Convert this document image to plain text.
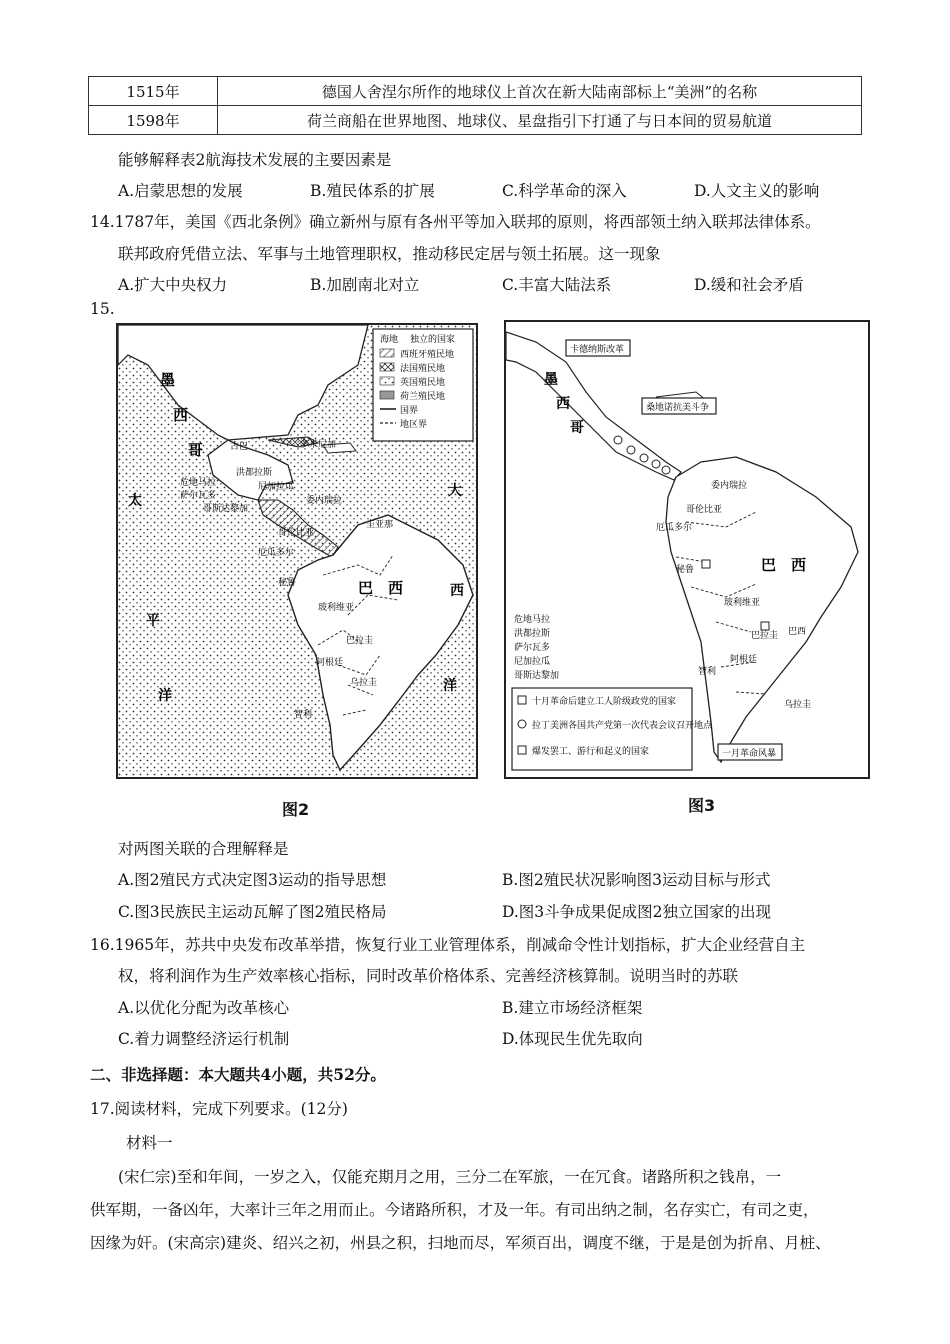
1515年	德国人舍涅尔所作的地球仪上首次在新大陆南部标上“美洲”的名称
1598年	荷兰商船在世界地图、地球仪、星盘指引下打通了与日本间的贸易航道
能够解释表2航海技术发展的主要因素是
A.启蒙思想的发展	B.殖民体系的扩展	C.科学革命的深入	D.人文主义的影响
14.1787年，美国《西北条例》确立新州与原有各州平等加入联邦的原则，将西部领土纳入联邦法律体系。
联邦政府凭借立法、军事与土地管理职权，推动移民定居与领土拓展。这一现象
A.扩大中央权力	B.加剧南北对立	C.丰富大陆法系	D.缓和社会矛盾
15.
海地 独立的国家
西班牙殖民地
法国殖民地
英国殖民地
荷兰殖民地
国界
地区界
墨
西
哥
巴　西
太
平
洋
大
西
洋
危地马拉
萨尔瓦多
哥斯达黎加
洪都拉斯
尼加拉瓜
古巴	多米尼加
委内瑞拉
哥伦比亚
厄瓜多尔
秘鲁
玻利维亚
巴拉圭
乌拉圭
阿根廷
智利
圭亚那
图2
卡德纳斯改革
桑地诺抗美斗争
一月革命风暴
墨
西
哥
巴　西
委内瑞拉
哥伦比亚
厄瓜多尔
秘鲁
玻利维亚
巴拉圭
智利
阿根廷
巴西
乌拉圭
危地马拉
洪都拉斯
萨尔瓦多
尼加拉瓜
哥斯达黎加
十月革命后建立工人阶级政党的国家
拉丁美洲各国共产党第一次代表会议召开地点
爆发罢工、游行和起义的国家
图3
对两图关联的合理解释是
A.图2殖民方式决定图3运动的指导思想	B.图2殖民状况影响图3运动目标与形式
C.图3民族民主运动瓦解了图2殖民格局	D.图3斗争成果促成图2独立国家的出现
16.1965年，苏共中央发布改革举措，恢复行业工业管理体系，削减命令性计划指标，扩大企业经营自主
权，将利润作为生产效率核心指标，同时改革价格体系、完善经济核算制。说明当时的苏联
A.以优化分配为改革核心	B.建立市场经济框架
C.着力调整经济运行机制	D.体现民生优先取向
二、非选择题：本大题共4小题，共52分。
17.阅读材料，完成下列要求。(12分)
材料一
(宋仁宗)至和年间，一岁之入，仅能充期月之用，三分二在军旅，一在冗食。诸路所积之钱帛，一
供军期，一备凶年，大率计三年之用而止。今诸路所积，才及一年。有司出纳之制，名存实亡，有司之吏，
因缘为奸。(宋高宗)建炎、绍兴之初，州县之积，扫地而尽，军须百出，调度不继，于是是创为折帛、月桩、
